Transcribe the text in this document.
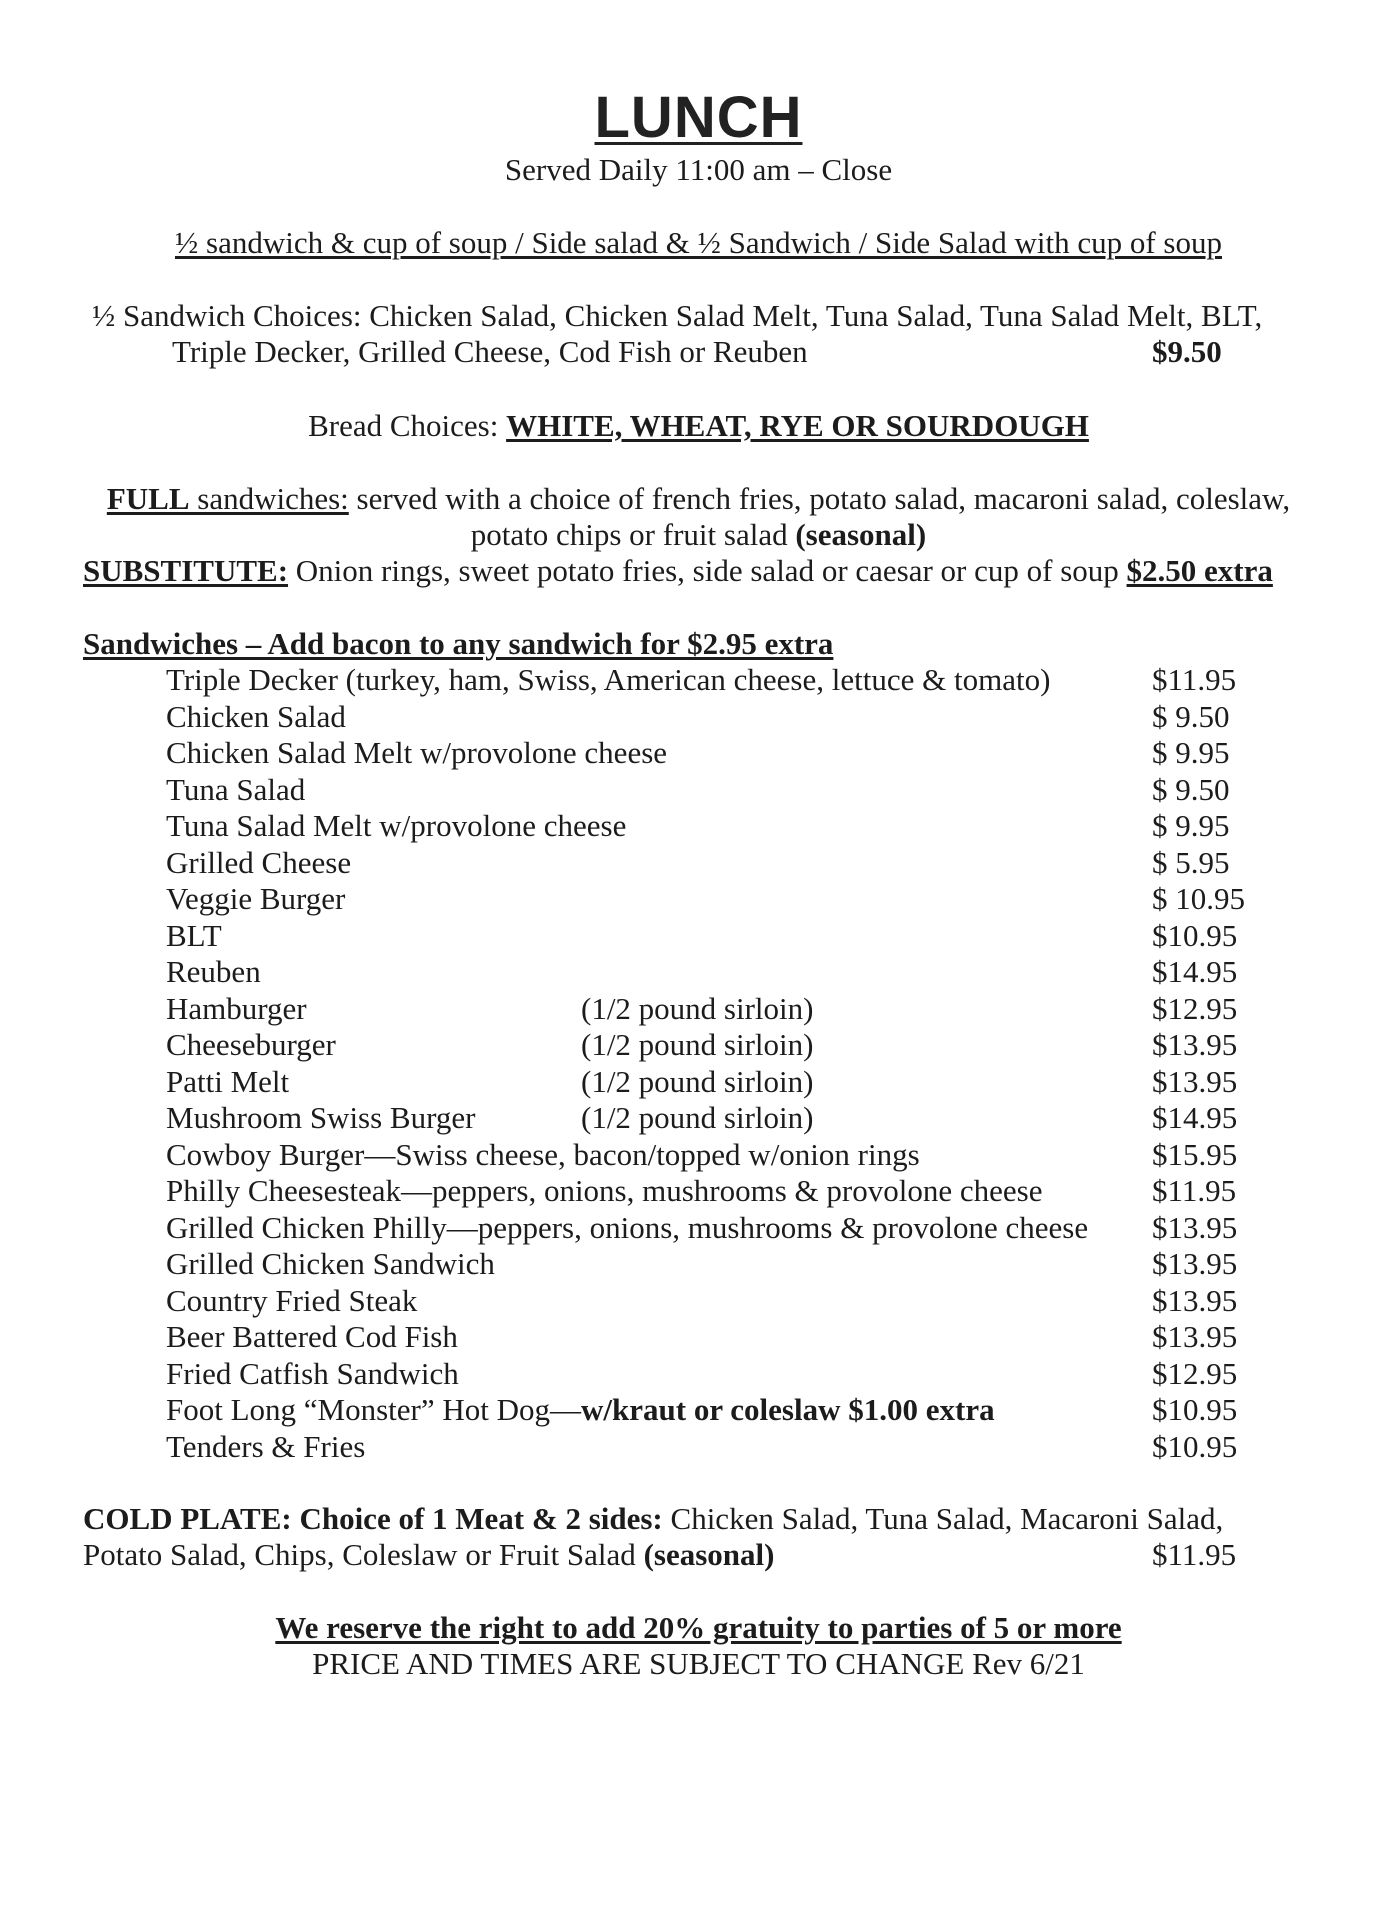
LUNCH
Served Daily 11:00 am – Close
½ sandwich & cup of soup / Side salad & ½ Sandwich / Side Salad with cup of soup
½ Sandwich Choices: Chicken Salad, Chicken Salad Melt, Tuna Salad, Tuna Salad Melt, BLT,
Triple Decker, Grilled Cheese, Cod Fish or Reuben	$9.50
Bread Choices: WHITE, WHEAT, RYE OR SOURDOUGH
FULL sandwiches: served with a choice of french fries, potato salad, macaroni salad, coleslaw,
potato chips or fruit salad (seasonal)
SUBSTITUTE: Onion rings, sweet potato fries, side salad or caesar or cup of soup $2.50 extra
Sandwiches – Add bacon to any sandwich for $2.95 extra
Triple Decker (turkey, ham, Swiss, American cheese, lettuce & tomato)	$11.95
Chicken Salad	$ 9.50
Chicken Salad Melt w/provolone cheese	$ 9.95
Tuna Salad	$ 9.50
Tuna Salad Melt w/provolone cheese	$ 9.95
Grilled Cheese	$ 5.95
Veggie Burger	$ 10.95
BLT	$10.95
Reuben	$14.95
Hamburger	(1/2 pound sirloin)	$12.95
Cheeseburger	(1/2 pound sirloin)	$13.95
Patti Melt	(1/2 pound sirloin)	$13.95
Mushroom Swiss Burger	(1/2 pound sirloin)	$14.95
Cowboy Burger—Swiss cheese, bacon/topped w/onion rings	$15.95
Philly Cheesesteak—peppers, onions, mushrooms & provolone cheese	$11.95
Grilled Chicken Philly—peppers, onions, mushrooms & provolone cheese $13.95
Grilled Chicken Sandwich	$13.95
Country Fried Steak	$13.95
Beer Battered Cod Fish	$13.95
Fried Catfish Sandwich	$12.95
Foot Long “Monster” Hot Dog—w/kraut or coleslaw $1.00 extra	$10.95
Tenders & Fries	$10.95
COLD PLATE: Choice of 1 Meat & 2 sides: Chicken Salad, Tuna Salad, Macaroni Salad,
Potato Salad, Chips, Coleslaw or Fruit Salad (seasonal)	$11.95
We reserve the right to add 20% gratuity to parties of 5 or more
PRICE AND TIMES ARE SUBJECT TO CHANGE Rev 6/21
